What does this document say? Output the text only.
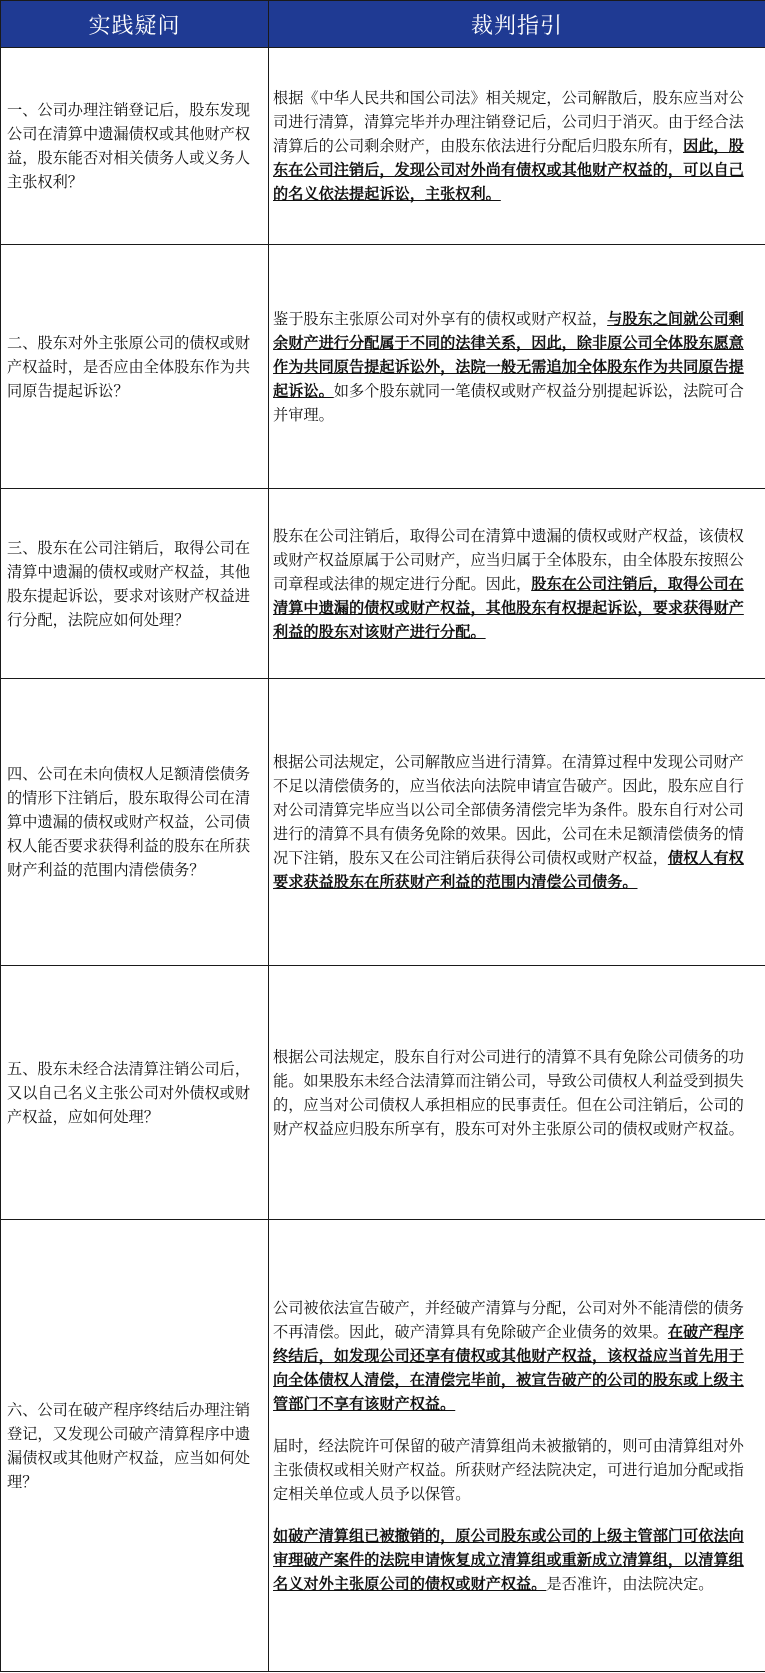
实践疑问	裁判指引
一、公司办理注销登记后，股东发现公司在清算中遗漏债权或其他财产权益，股东能否对相关债务人或义务人主张权利？	根据《中华人民共和国公司法》相关规定，公司解散后，股东应当对公司进行清算，清算完毕并办理注销登记后，公司归于消灭。由于经合法清算后的公司剩余财产，由股东依法进行分配后归股东所有，因此，股东在公司注销后，发现公司对外尚有债权或其他财产权益的，可以自己的名义依法提起诉讼，主张权利。

二、股东对外主张原公司的债权或财产权益时，是否应由全体股东作为共同原告提起诉讼？	鉴于股东主张原公司对外享有的债权或财产权益，与股东之间就公司剩余财产进行分配属于不同的法律关系，因此，除非原公司全体股东愿意作为共同原告提起诉讼外，法院一般无需追加全体股东作为共同原告提起诉讼。如多个股东就同一笔债权或财产权益分别提起诉讼，法院可合并审理。

三、股东在公司注销后，取得公司在清算中遗漏的债权或财产权益，其他股东提起诉讼，要求对该财产权益进行分配，法院应如何处理？	股东在公司注销后，取得公司在清算中遗漏的债权或财产权益，该债权或财产权益原属于公司财产，应当归属于全体股东，由全体股东按照公司章程或法律的规定进行分配。因此，股东在公司注销后，取得公司在清算中遗漏的债权或财产权益，其他股东有权提起诉讼，要求获得财产利益的股东对该财产进行分配。

四、公司在未向债权人足额清偿债务的情形下注销后，股东取得公司在清算中遗漏的债权或财产权益，公司债权人能否要求获得利益的股东在所获财产利益的范围内清偿债务？	根据公司法规定，公司解散应当进行清算。在清算过程中发现公司财产不足以清偿债务的，应当依法向法院申请宣告破产。因此，股东应自行对公司清算完毕应当以公司全部债务清偿完毕为条件。股东自行对公司进行的清算不具有债务免除的效果。因此，公司在未足额清偿债务的情况下注销，股东又在公司注销后获得公司债权或财产权益，债权人有权要求获益股东在所获财产利益的范围内清偿公司债务。

五、股东未经合法清算注销公司后，又以自己名义主张公司对外债权或财产权益，应如何处理？	根据公司法规定，股东自行对公司进行的清算不具有免除公司债务的功能。如果股东未经合法清算而注销公司，导致公司债权人利益受到损失的，应当对公司债权人承担相应的民事责任。但在公司注销后，公司的财产权益应归股东所享有，股东可对外主张原公司的债权或财产权益。

六、公司在破产程序终结后办理注销登记，又发现公司破产清算程序中遗漏债权或其他财产权益，应当如何处理？	公司被依法宣告破产，并经破产清算与分配，公司对外不能清偿的债务不再清偿。因此，破产清算具有免除破产企业债务的效果。在破产程序终结后，如发现公司还享有债权或其他财产权益，该权益应当首先用于向全体债权人清偿，在清偿完毕前，被宣告破产的公司的股东或上级主管部门不享有该财产权益。

届时，经法院许可保留的破产清算组尚未被撤销的，则可由清算组对外主张债权或相关财产权益。所获财产经法院决定，可进行追加分配或指定相关单位或人员予以保管。

如破产清算组已被撤销的，原公司股东或公司的上级主管部门可依法向审理破产案件的法院申请恢复成立清算组或重新成立清算组，以清算组名义对外主张原公司的债权或财产权益。是否准许，由法院决定。
